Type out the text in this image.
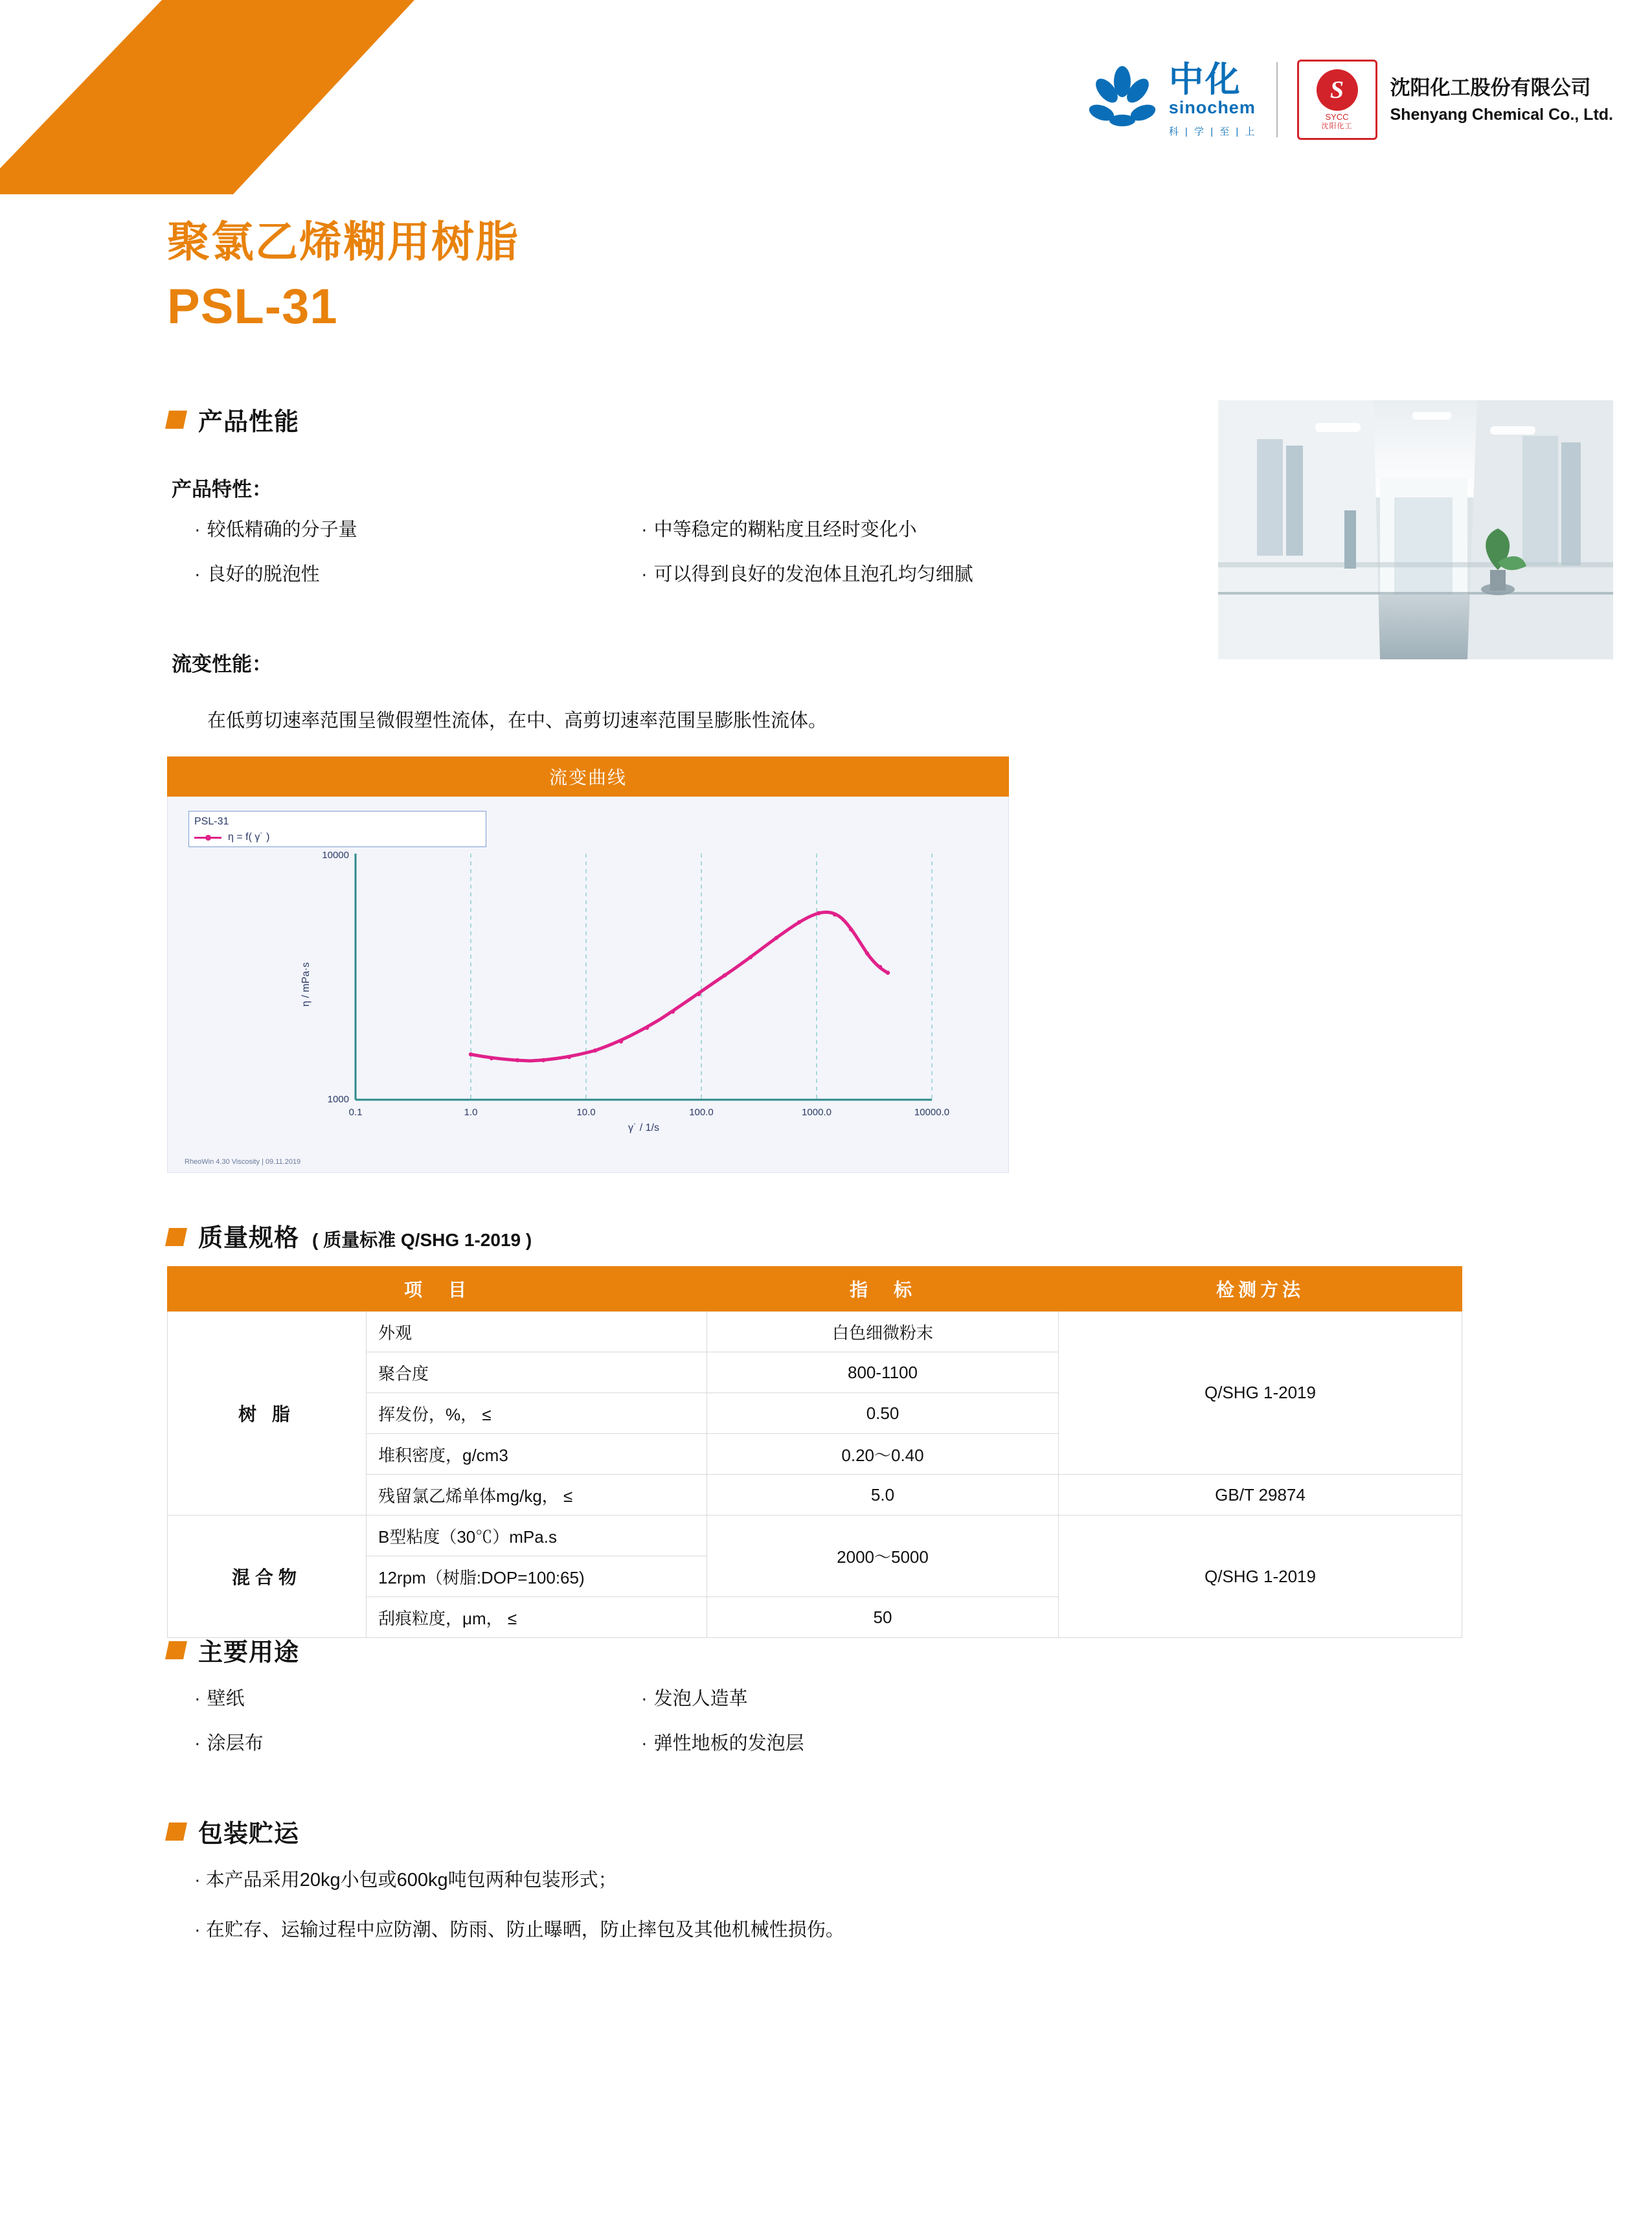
中化
sinochem
科 | 学 | 至 | 上
S
SYCC
沈阳化工
沈阳化工股份有限公司
Shenyang Chemical Co., Ltd.
聚氯乙烯糊用树脂
PSL-31
产品性能
产品特性：
· 较低精确的分子量	· 中等稳定的糊粘度且经时变化小
· 良好的脱泡性	· 可以得到良好的发泡体且泡孔均匀细腻
流变性能：
在低剪切速率范围呈微假塑性流体，在中、高剪切速率范围呈膨胀性流体。
流变曲线
PSL-31
η = f( γ˙ )
10000
1000
0.1	1.0	10.0	100.0	1000.0	10000.0
γ˙ / 1/s
η / mPa·s
RheoWin 4.30 Viscosity | 09.11.2019
质量规格 ( 质量标准 Q/SHG 1-2019 )
项　目		指　标	检测方法
树 脂	外观	白色细微粉末	Q/SHG 1-2019
	聚合度	800-1100	
	挥发份，%， ≤	0.50	
	堆积密度，g/cm3	0.20～0.40	
	残留氯乙烯单体mg/kg， ≤	5.0	GB/T 29874
混合物	B型粘度（30℃）mPa.s	2000～5000	Q/SHG 1-2019
	12rpm（树脂:DOP=100:65)		
	刮痕粒度，μm， ≤	50	
主要用途
· 壁纸	· 发泡人造革
· 涂层布	· 弹性地板的发泡层
包装贮运
· 本产品采用20kg小包或600kg吨包两种包装形式；
· 在贮存、运输过程中应防潮、防雨、防止曝晒，防止摔包及其他机械性损伤。
